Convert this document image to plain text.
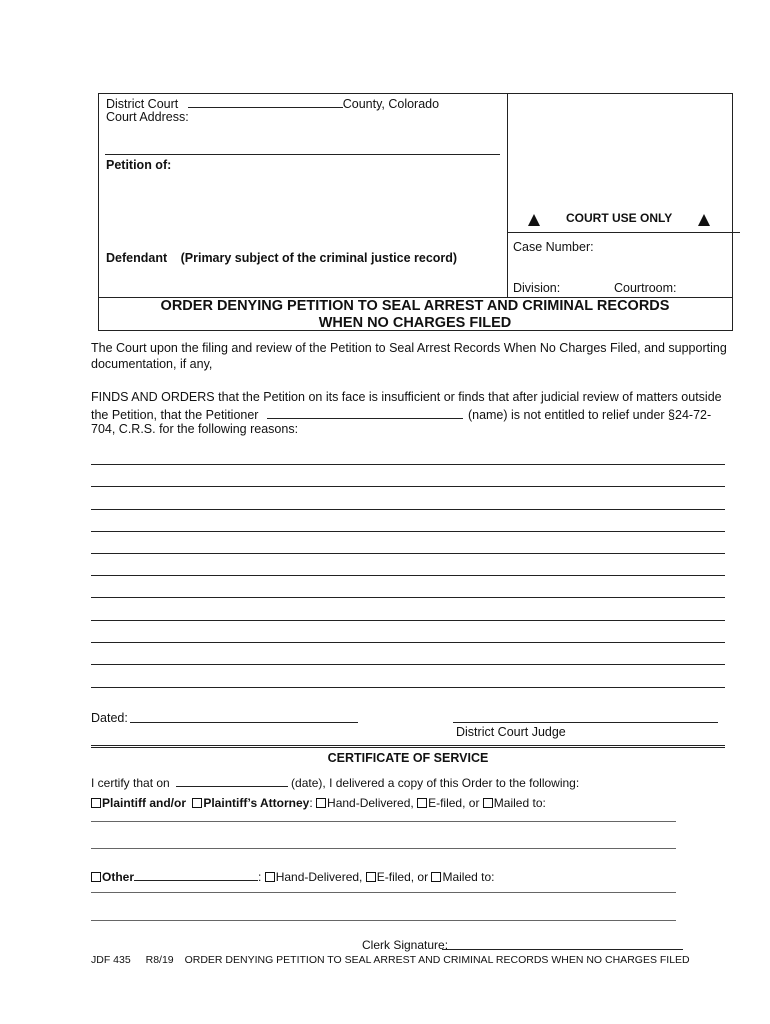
District Court	County, Colorado
Court Address:
Petition of:
Defendant (Primary subject of the criminal justice record)
COURT USE ONLY
Case Number:
Division:	Courtroom:
ORDER DENYING PETITION TO SEAL ARREST AND CRIMINAL RECORDS
WHEN NO CHARGES FILED
The Court upon the filing and review of the Petition to Seal Arrest Records When No Charges Filed, and supporting
documentation, if any,
FINDS AND ORDERS that the Petition on its face is insufficient or finds that after judicial review of matters outside
the Petition, that the Petitioner	(name) is not entitled to relief under §24-72-
704, C.R.S. for the following reasons:
Dated:
District Court Judge
CERTIFICATE OF SERVICE
I certify that on	(date), I delivered a copy of this Order to the following:
Plaintiff and/or Plaintiff’s Attorney: Hand-Delivered, E-filed, or Mailed to:
Other	: Hand-Delivered, E-filed, or Mailed to:
Clerk Signature:
JDF 435 R8/19 ORDER DENYING PETITION TO SEAL ARREST AND CRIMINAL RECORDS WHEN NO CHARGES FILED
